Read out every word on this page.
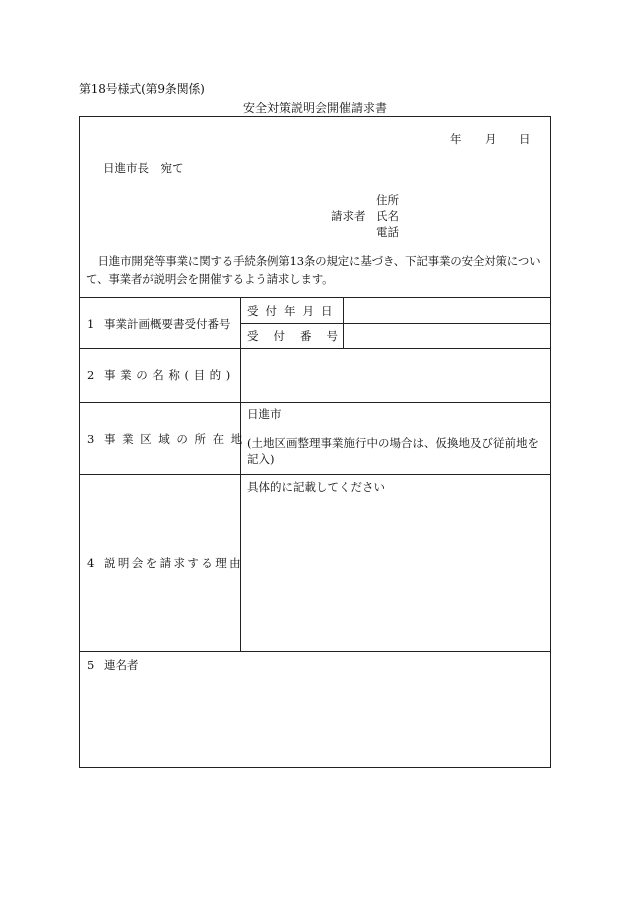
第18号様式(第9条関係)
安全対策説明会開催請求書
年 月 日
日進市長　宛て
住所
請求者 氏名
電話
日進市開発等事業に関する手続条例第13条の規定に基づき、下記事業の安全対策について、事業者が説明会を開催するよう請求します。
1 事業計画概要書受付番号
受付年月日
受付番号
2 事業の名称(目的)
3 事業区域の所在地
日進市
(土地区画整理事業施行中の場合は、仮換地及び従前地を記入)
4 説明会を請求する理由
具体的に記載してください
5 連名者
